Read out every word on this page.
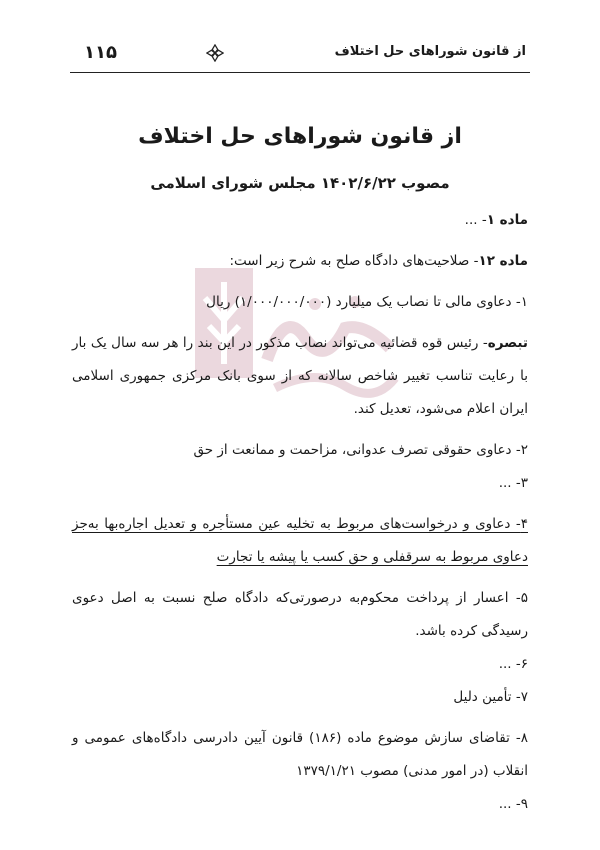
۱۱۵	از قانون شوراهای حل اختلاف
از قانون شوراهای حل اختلاف
مصوب ۱۴۰۲/۶/۲۲ مجلس شورای اسلامی

ماده ۱- ...

ماده ۱۲- صلاحیت‌های دادگاه صلح به شرح زیر است:

۱- دعاوی مالی تا نصاب یک میلیارد (۱/۰۰۰/۰۰۰/۰۰۰) ریال

تبصره- رئیس قوه قضائیه می‌تواند نصاب مذکور در این بند را هر سه سال یک بار با رعایت تناسب تغییر شاخص سالانه که از سوی بانک مرکزی جمهوری اسلامی ایران اعلام می‌شود، تعدیل کند.

۲- دعاوی حقوقی تصرف عدوانی، مزاحمت و ممانعت از حق

۳- ...

۴- دعاوی و درخواست‌های مربوط به تخلیه عین مستأجره و تعدیل اجاره‌بها به‌جز دعاوی مربوط به سرقفلی و حق کسب یا پیشه یا تجارت

۵- اعسار از پرداخت محکوم‌به درصورتی‌که دادگاه صلح نسبت به اصل دعوی رسیدگی کرده باشد.

۶- ...

۷- تأمین دلیل

۸- تقاضای سازش موضوع ماده (۱۸۶) قانون آیین دادرسی دادگاه‌های عمومی و انقلاب (در امور مدنی) مصوب ۱۳۷۹/۱/۲۱

۹- ...
